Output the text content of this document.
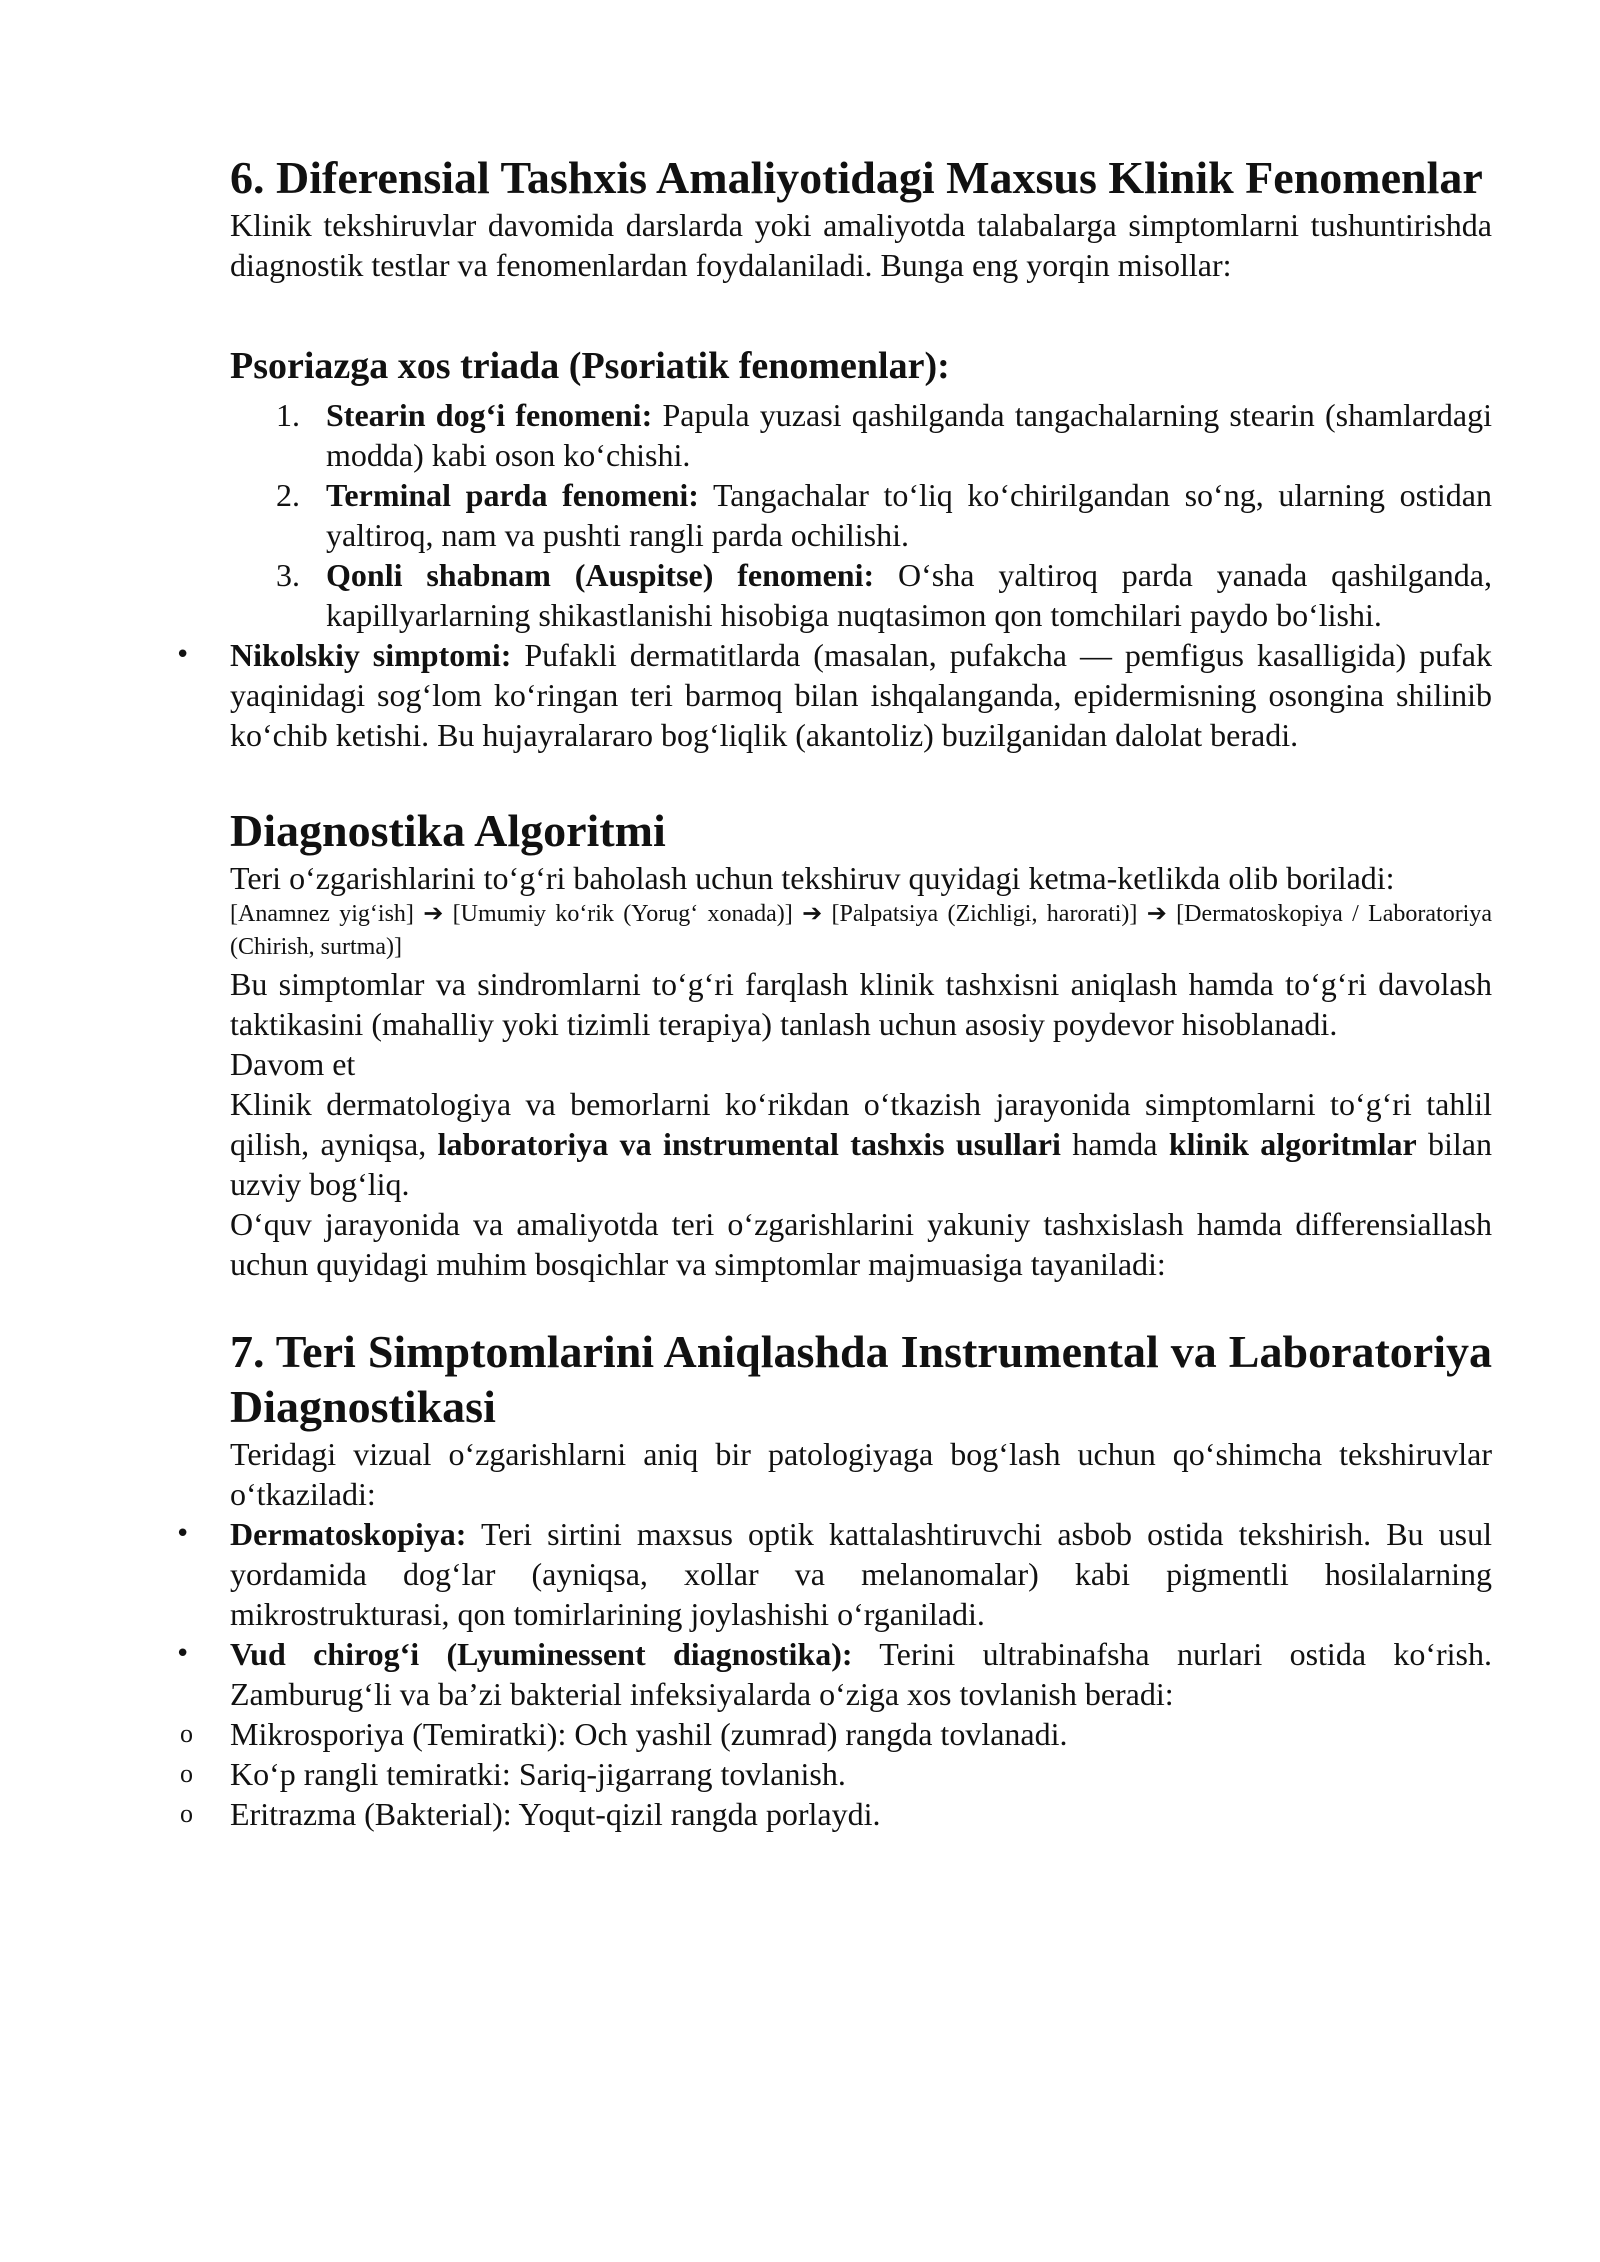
6. Diferensial Tashxis Amaliyotidagi Maxsus Klinik Fenomenlar

Klinik tekshiruvlar davomida darslarda yoki amaliyotda talabalarga simptomlarni tushuntirishda diagnostik testlar va fenomenlardan foydalaniladi. Bunga eng yorqin misollar:

Psoriazga xos triada (Psoriatik fenomenlar):
1. Stearin dog‘i fenomeni: Papula yuzasi qashilganda tangachalarning stearin (shamlardagi modda) kabi oson ko‘chishi.
2. Terminal parda fenomeni: Tangachalar to‘liq ko‘chirilgandan so‘ng, ularning ostidan yaltiroq, nam va pushti rangli parda ochilishi.
3. Qonli shabnam (Auspitse) fenomeni: O‘sha yaltiroq parda yanada qashilganda, kapillyarlarning shikastlanishi hisobiga nuqtasimon qon tomchilari paydo bo‘lishi.
• Nikolskiy simptomi: Pufakli dermatitlarda (masalan, pufakcha — pemfigus kasalligida) pufak yaqinidagi sog‘lom ko‘ringan teri barmoq bilan ishqalanganda, epidermisning osongina shilinib ko‘chib ketishi. Bu hujayralararo bog‘liqlik (akantoliz) buzilganidan dalolat beradi.
Diagnostika Algoritmi

Teri o‘zgarishlarini to‘g‘ri baholash uchun tekshiruv quyidagi ketma-ketlikda olib boriladi:

[Anamnez yig‘ish] ➔ [Umumiy ko‘rik (Yorug‘ xonada)] ➔ [Palpatsiya (Zichligi, harorati)] ➔ [Dermatoskopiya / Laboratoriya (Chirish, surtma)]

Bu simptomlar va sindromlarni to‘g‘ri farqlash klinik tashxisni aniqlash hamda to‘g‘ri davolash taktikasini (mahalliy yoki tizimli terapiya) tanlash uchun asosiy poydevor hisoblanadi.

Davom et

Klinik dermatologiya va bemorlarni ko‘rikdan o‘tkazish jarayonida simptomlarni to‘g‘ri tahlil qilish, ayniqsa, laboratoriya va instrumental tashxis usullari hamda klinik algoritmlar bilan uzviy bog‘liq.

O‘quv jarayonida va amaliyotda teri o‘zgarishlarini yakuniy tashxislash hamda differensiallash uchun quyidagi muhim bosqichlar va simptomlar majmuasiga tayaniladi:

7. Teri Simptomlarini Aniqlashda Instrumental va Laboratoriya Diagnostikasi

Teridagi vizual o‘zgarishlarni aniq bir patologiyaga bog‘lash uchun qo‘shimcha tekshiruvlar o‘tkaziladi:

• Dermatoskopiya: Teri sirtini maxsus optik kattalashtiruvchi asbob ostida tekshirish. Bu usul yordamida dog‘lar (ayniqsa, xollar va melanomalar) kabi pigmentli hosilalarning mikrostrukturasi, qon tomirlarining joylashishi o‘rganiladi.
• Vud chirog‘i (Lyuminessent diagnostika): Terini ultrabinafsha nurlari ostida ko‘rish. Zamburug‘li va ba’zi bakterial infeksiyalarda o‘ziga xos tovlanish beradi:
o Mikrosporiya (Temiratki): Och yashil (zumrad) rangda tovlanadi.
o Ko‘p rangli temiratki: Sariq-jigarrang tovlanish.
o Eritrazma (Bakterial): Yoqut-qizil rangda porlaydi.
